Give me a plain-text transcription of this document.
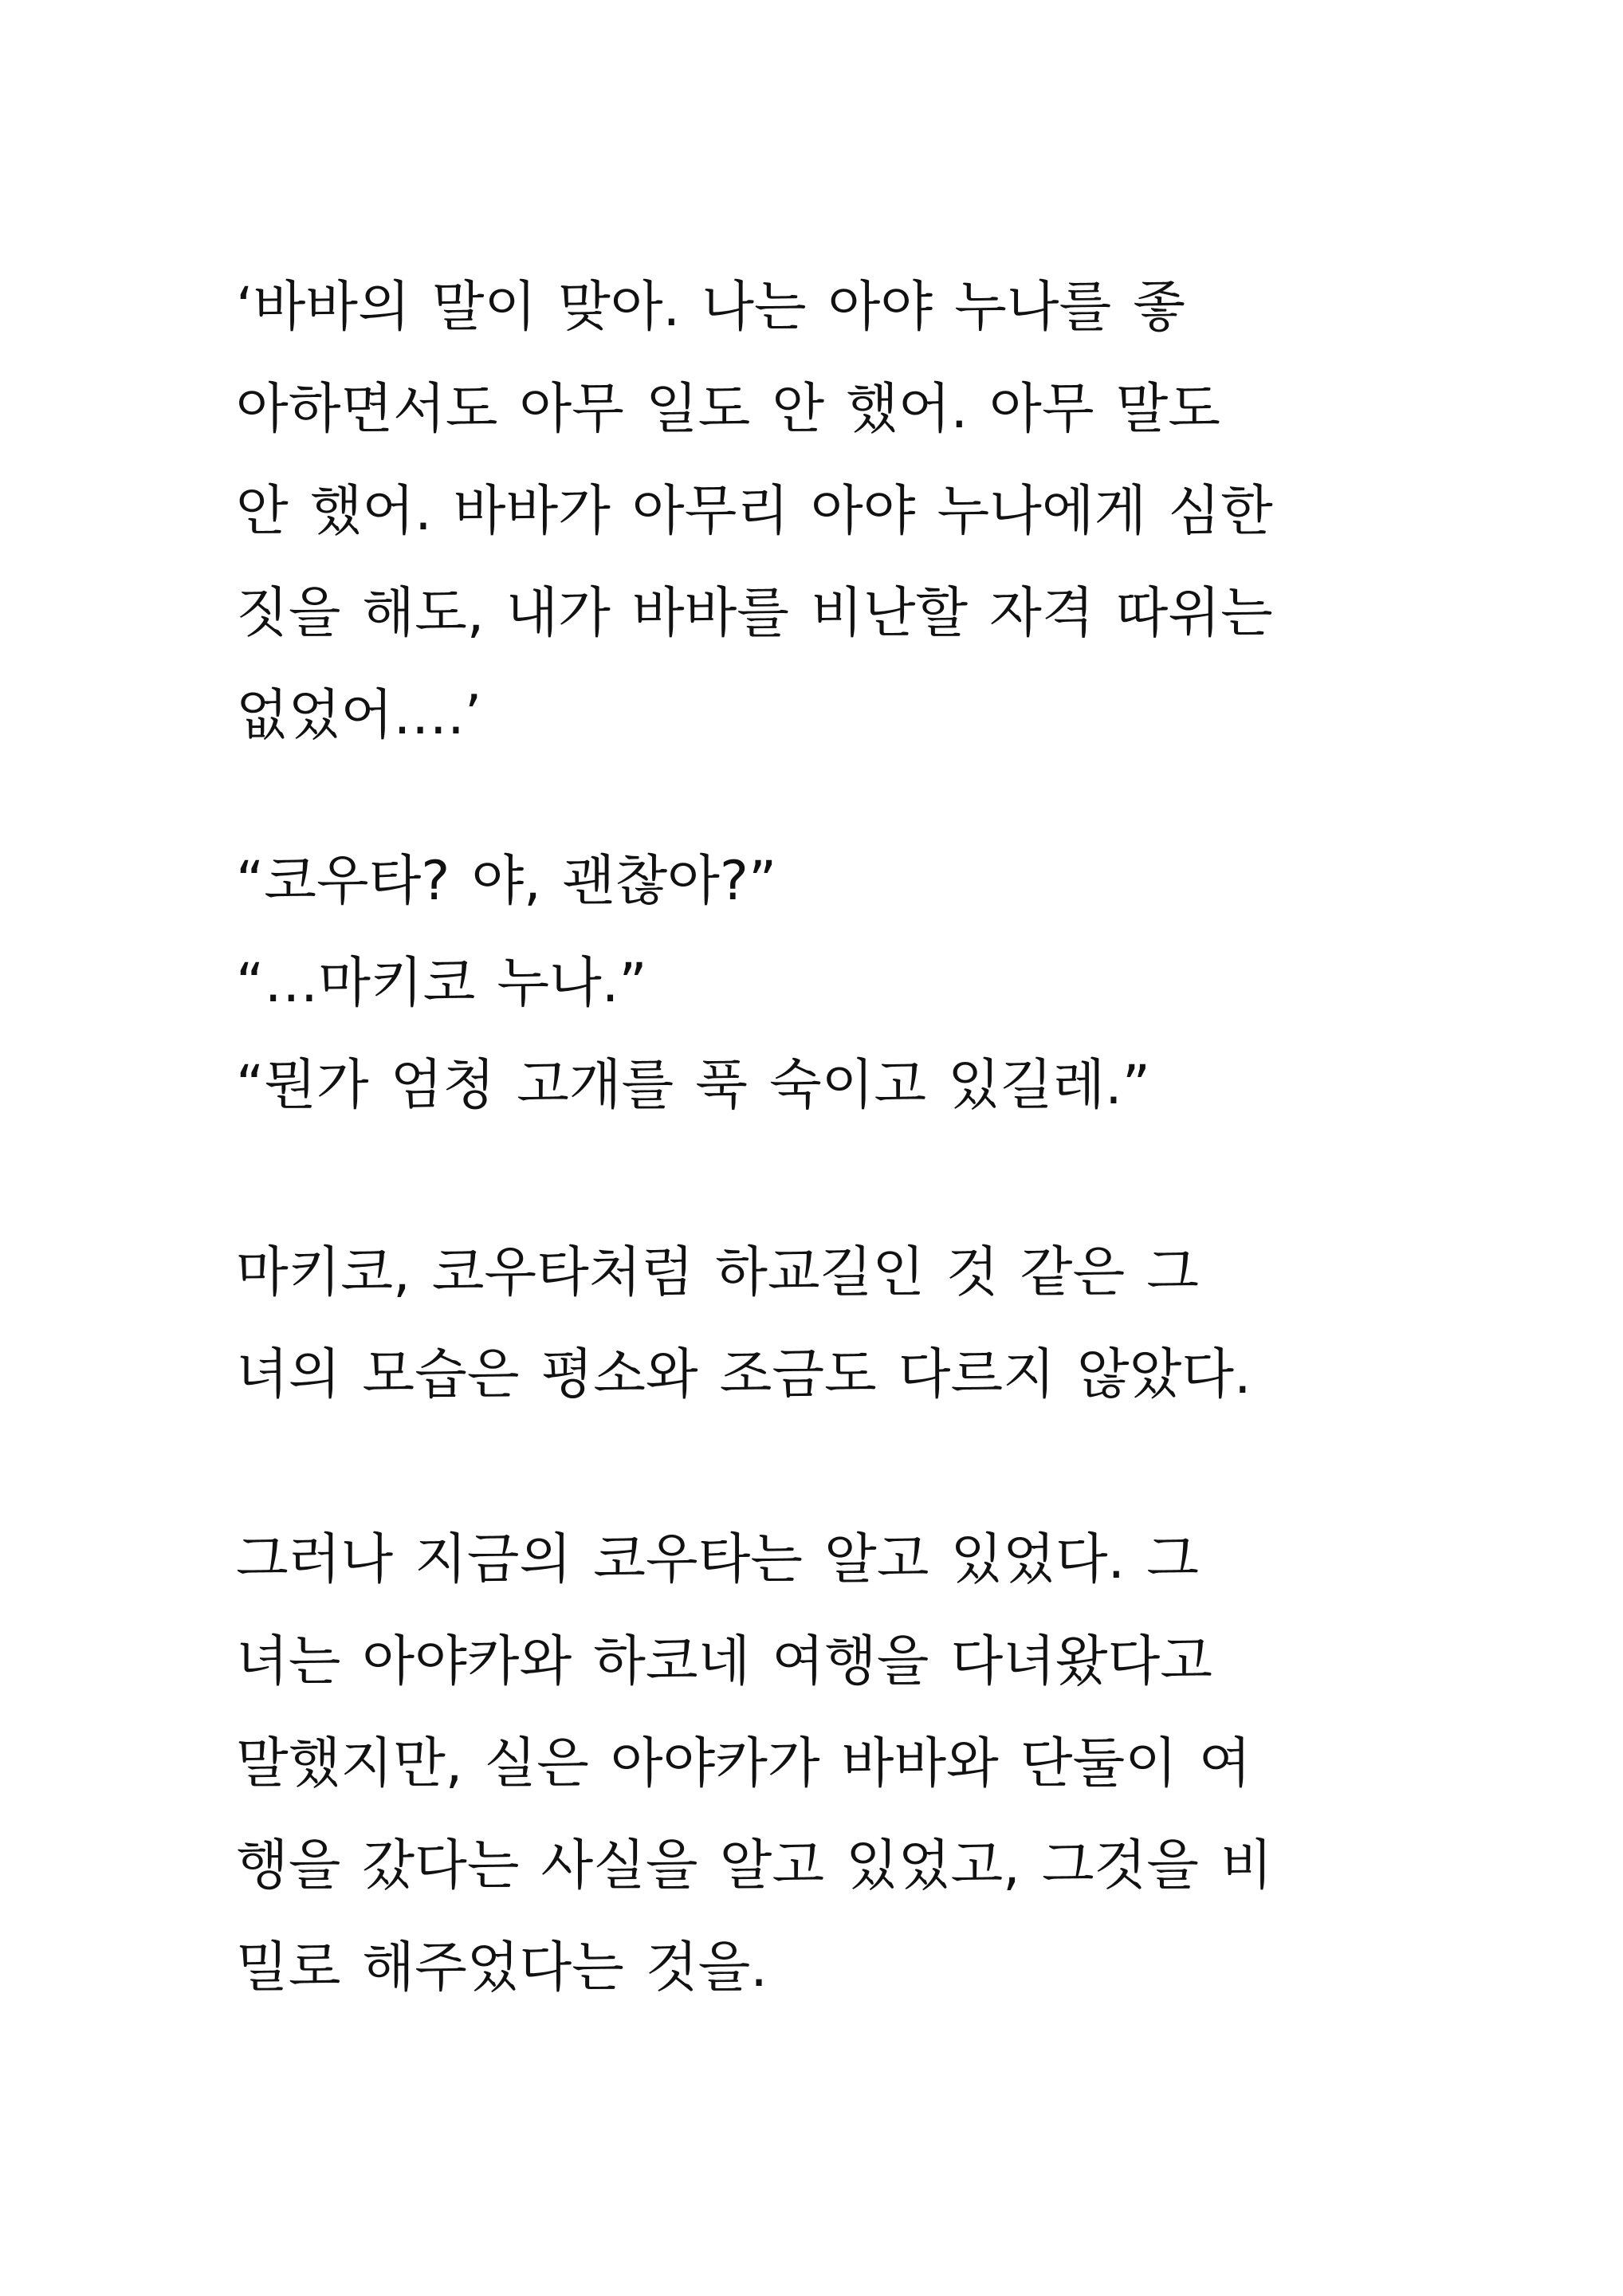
‘바바의 말이 맞아. 나는 아야 누나를 좋
아하면서도 아무 일도 안 했어. 아무 말도
안 했어. 바바가 아무리 아야 누나에게 심한
짓을 해도, 내가 바바를 비난할 자격 따위는
없었어….’

“코우타? 야, 괜찮아?”
“…마키코 누나.”
“뭔가 엄청 고개를 푹 숙이고 있길레.”

마키코, 코우타처럼 하교길인 것 같은 그
녀의 모습은 평소와 조금도 다르지 않았다.

그러나 지금의 코우타는 알고 있었다. 그
녀는 아야카와 하코네 여행을 다녀왔다고
말했지만, 실은 아야카가 바바와 단둘이 여
행을 갔다는 사실을 알고 있었고, 그것을 비
밀로 해주었다는 것을.
